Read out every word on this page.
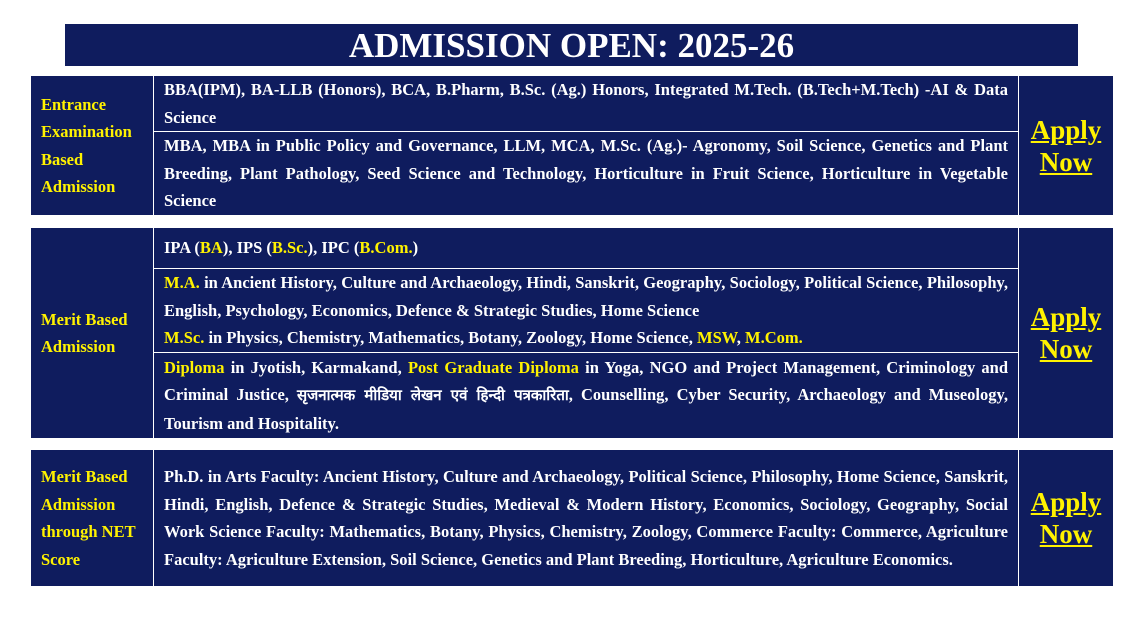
ADMISSION OPEN: 2025-26
Entrance
Examination
Based
Admission	BBA(IPM), BA-LLB (Honors), BCA, B.Pharm, B.Sc. (Ag.) Honors, Integrated M.Tech. (B.Tech+M.Tech) -AI & Data Science	Apply
Now
MBA, MBA in Public Policy and Governance, LLM, MCA, M.Sc. (Ag.)- Agronomy, Soil Science, Genetics and Plant Breeding, Plant Pathology, Seed Science and Technology, Horticulture in Fruit Science, Horticulture in Vegetable Science
Merit Based
Admission	IPA (BA), IPS (B.Sc.), IPC (B.Com.)	Apply
Now
M.A. in Ancient History, Culture and Archaeology, Hindi, Sanskrit, Geography, Sociology, Political Science, Philosophy, English, Psychology, Economics, Defence & Strategic Studies, Home Science
M.Sc. in Physics, Chemistry, Mathematics, Botany, Zoology, Home Science, MSW, M.Com.
Diploma in Jyotish, Karmakand, Post Graduate Diploma in Yoga, NGO and Project Management, Criminology and Criminal Justice, सृजनात्मक मीडिया लेखन एवं हिन्दी पत्रकारिता, Counselling, Cyber Security, Archaeology and Museology, Tourism and Hospitality.
Merit Based
Admission
through NET
Score	Ph.D. in Arts Faculty: Ancient History, Culture and Archaeology, Political Science, Philosophy, Home Science, Sanskrit, Hindi, English, Defence & Strategic Studies, Medieval & Modern History, Economics, Sociology, Geography, Social Work Science Faculty: Mathematics, Botany, Physics, Chemistry, Zoology, Commerce Faculty: Commerce, Agriculture Faculty: Agriculture Extension, Soil Science, Genetics and Plant Breeding, Horticulture, Agriculture Economics.	Apply
Now
